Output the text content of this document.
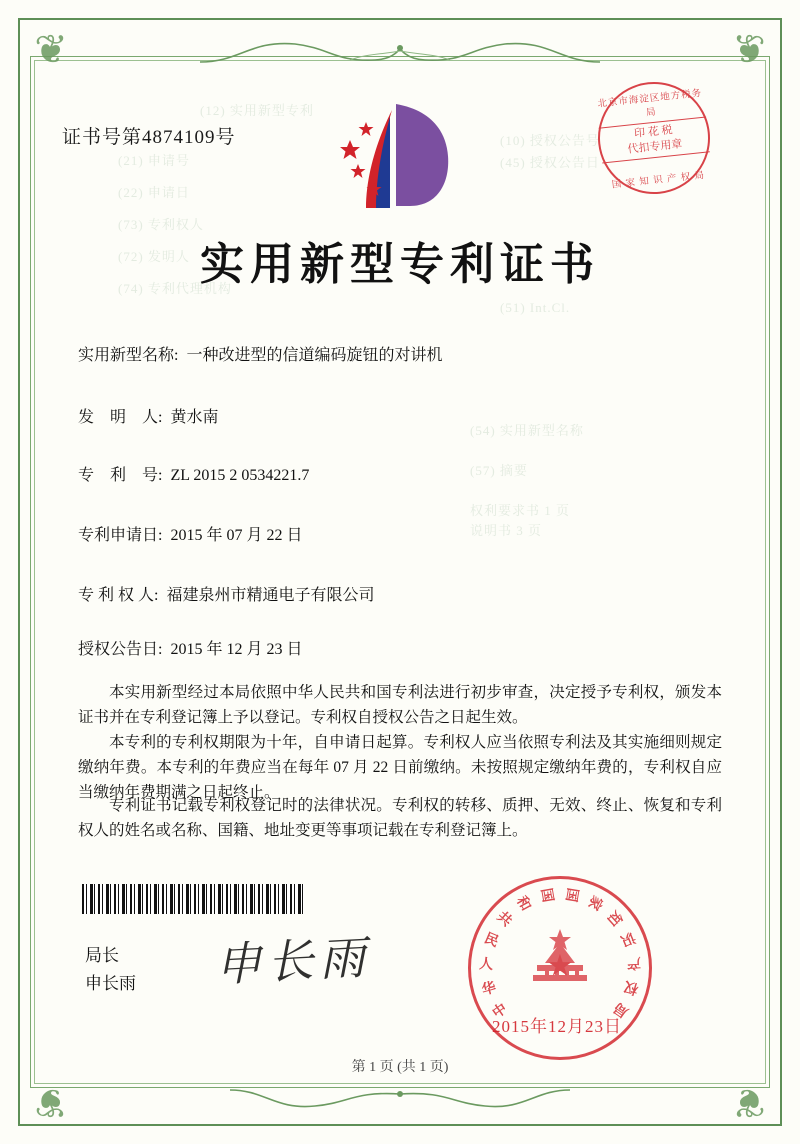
❦	❦
❦	❦
(12) 实用新型专利
(10) 授权公告号
(45) 授权公告日
(21) 申请号
(22) 申请日
(73) 专利权人
(72) 发明人
(74) 专利代理机构
(51) Int.Cl.
(54) 实用新型名称
(57) 摘要
权利要求书 1 页
说明书 3 页
证书号第4874109号
北京市海淀区地方税务局
印 花 税
代扣专用章
国 家 知 识 产 权 局
实用新型专利证书
实用新型名称: 一种改进型的信道编码旋钮的对讲机
发　明　人: 黄水南
专　利　号: ZL 2015 2 0534221.7
专利申请日: 2015 年 07 月 22 日
专 利 权 人: 福建泉州市精通电子有限公司
授权公告日: 2015 年 12 月 23 日
本实用新型经过本局依照中华人民共和国专利法进行初步审查，决定授予专利权，颁发本证书并在专利登记簿上予以登记。专利权自授权公告之日起生效。
本专利的专利权期限为十年，自申请日起算。专利权人应当依照专利法及其实施细则规定缴纳年费。本专利的年费应当在每年 07 月 22 日前缴纳。未按照规定缴纳年费的，专利权自应当缴纳年费期满之日起终止。
专利证书记载专利权登记时的法律状况。专利权的转移、质押、无效、终止、恢复和专利权人的姓名或名称、国籍、地址变更等事项记载在专利登记簿上。
局长
申长雨 申长雨
中
华
人
民
共
和 国 国 家
知
识
产
权
局
2015年12月23日
第 1 页 (共 1 页)
